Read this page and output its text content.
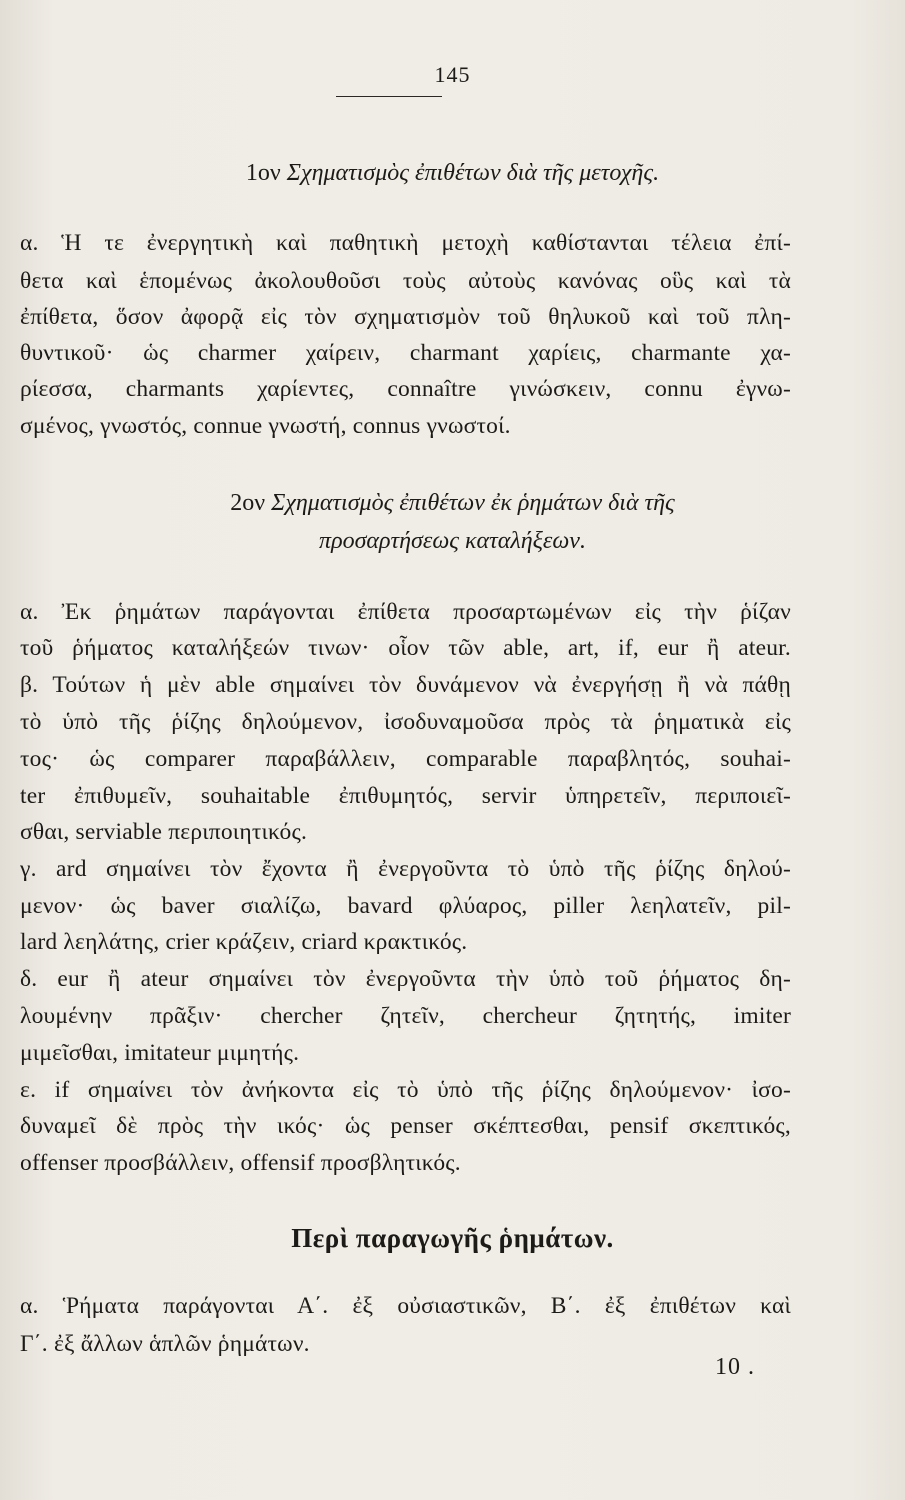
145
1ον Σχηματισμὸς ἐπιθέτων διὰ τῆς μετοχῆς.
α. Ἡ τε ἐνεργητικὴ καὶ παθητικὴ μετοχὴ καθίστανται τέλεια ἐπί-
θετα καὶ ἑπομένως ἀκολουθοῦσι τοὺς αὐτοὺς κανόνας οὓς καὶ τὰ
ἐπίθετα, ὅσον ἀφορᾷ εἰς τὸν σχηματισμὸν τοῦ θηλυκοῦ καὶ τοῦ πλη-
θυντικοῦ· ὡς charmer χαίρειν, charmant χαρίεις, charmante χα-
ρίεσσα, charmants χαρίεντες, connaître γινώσκειν, connu ἐγνω-
σμένος, γνωστός, connue γνωστή, connus γνωστοί.
2ον Σχηματισμὸς ἐπιθέτων ἐκ ῥημάτων διὰ τῆς
προσαρτήσεως καταλήξεων.
α. Ἐκ ῥημάτων παράγονται ἐπίθετα προσαρτωμένων εἰς τὴν ῥίζαν
τοῦ ῥήματος καταλήξεών τινων· οἷον τῶν able, art, if, eur ἢ ateur.
β. Τούτων ἡ μὲν able σημαίνει τὸν δυνάμενον νὰ ἐνεργήσῃ ἢ νὰ πάθῃ
τὸ ὑπὸ τῆς ῥίζης δηλούμενον, ἰσοδυναμοῦσα πρὸς τὰ ῥηματικὰ εἰς
τος· ὡς comparer παραβάλλειν, comparable παραβλητός, souhai-
ter ἐπιθυμεῖν, souhaitable ἐπιθυμητός, servir ὑπηρετεῖν, περιποιεῖ-
σθαι, serviable περιποιητικός.
γ. ard σημαίνει τὸν ἔχοντα ἢ ἐνεργοῦντα τὸ ὑπὸ τῆς ῥίζης δηλού-
μενον· ὡς baver σιαλίζω, bavard φλύαρος, piller λεηλατεῖν, pil-
lard λεηλάτης, crier κράζειν, criard κρακτικός.
δ. eur ἢ ateur σημαίνει τὸν ἐνεργοῦντα τὴν ὑπὸ τοῦ ῥήματος δη-
λουμένην πρᾶξιν· chercher ζητεῖν, chercheur ζητητής, imiter
μιμεῖσθαι, imitateur μιμητής.
ε. if σημαίνει τὸν ἀνήκοντα εἰς τὸ ὑπὸ τῆς ῥίζης δηλούμενον· ἰσο-
δυναμεῖ δὲ πρὸς τὴν ικός· ὡς penser σκέπτεσθαι, pensif σκεπτικός,
offenser προσβάλλειν, offensif προσβλητικός.
Περὶ παραγωγῆς ῥημάτων.
α. Ῥήματα παράγονται Α΄. ἐξ οὐσιαστικῶν, Β΄. ἐξ ἐπιθέτων καὶ
Γ΄. ἐξ ἄλλων ἁπλῶν ῥημάτων.
10 .
